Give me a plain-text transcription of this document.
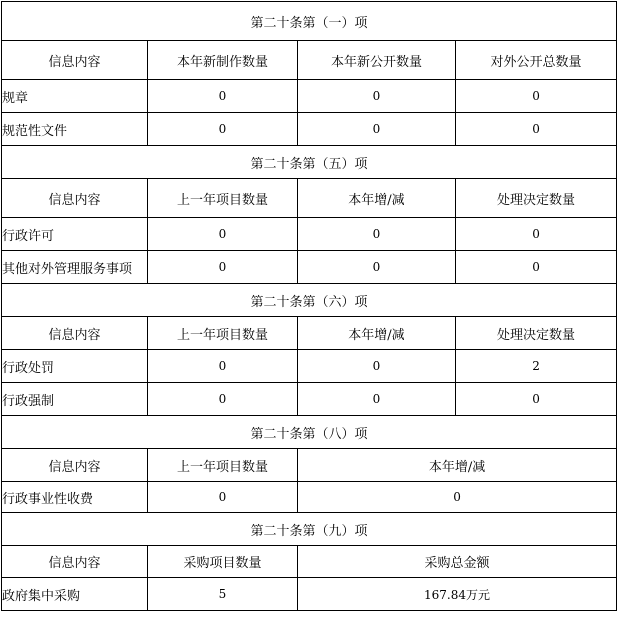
第二十条第（一）项			
信息内容	本年新制作数量	本年新公开数量	对外公开总数量
规章	0	0	0
规范性文件	0	0	0
第二十条第（五）项			
信息内容	上一年项目数量	本年增/减	处理决定数量
行政许可	0	0	0
其他对外管理服务事项	0	0	0
第二十条第（六）项			
信息内容	上一年项目数量	本年增/减	处理决定数量
行政处罚	0	0	2
行政强制	0	0	0
第二十条第（八）项			
信息内容	上一年项目数量	本年增/减	
行政事业性收费	0	0	
第二十条第（九）项			
信息内容	采购项目数量	采购总金额	
政府集中采购	5	167.84万元	
